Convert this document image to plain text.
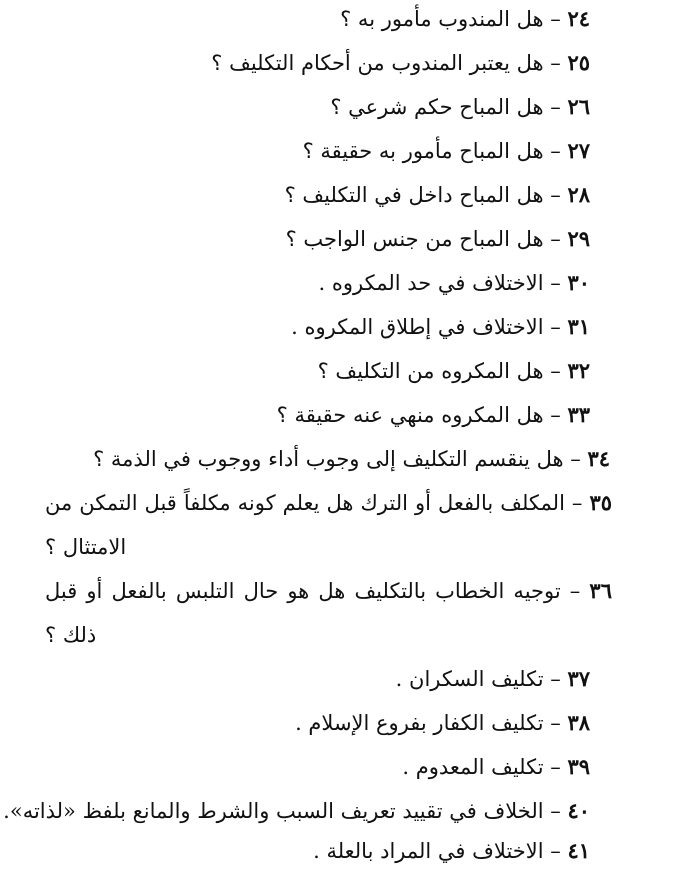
٢٤ – هل المندوب مأمور به ؟
٢٥ – هل يعتبر المندوب من أحكام التكليف ؟
٢٦ – هل المباح حكم شرعي ؟
٢٧ – هل المباح مأمور به حقيقة ؟
٢٨ – هل المباح داخل في التكليف ؟
٢٩ – هل المباح من جنس الواجب ؟
٣٠ – الاختلاف في حد المكروه .
٣١ – الاختلاف في إطلاق المكروه .
٣٢ – هل المكروه من التكليف ؟
٣٣ – هل المكروه منهي عنه حقيقة ؟
٣٤ – هل ينقسم التكليف إلى وجوب أداء ووجوب في الذمة ؟
٣٥ – المكلف بالفعل أو الترك هل يعلم كونه مكلفاً قبل التمكن من
الامتثال ؟
٣٦ – توجيه الخطاب بالتكليف هل هو حال التلبس بالفعل أو قبل
ذلك ؟
٣٧ – تكليف السكران .
٣٨ – تكليف الكفار بفروع الإسلام .
٣٩ – تكليف المعدوم .
٤٠ – الخلاف في تقييد تعريف السبب والشرط والمانع بلفظ «لذاته».
٤١ – الاختلاف في المراد بالعلة .
